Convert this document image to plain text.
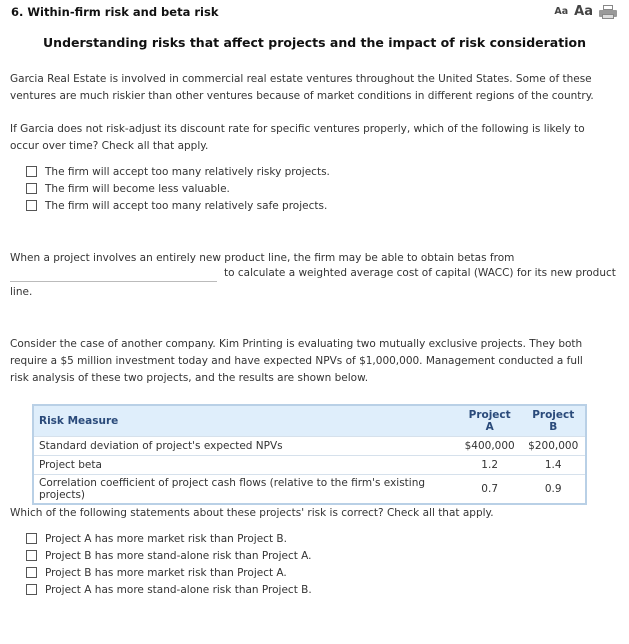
6. Within-firm risk and beta risk	Aa Aa
Understanding risks that affect projects and the impact of risk consideration
Garcia Real Estate is involved in commercial real estate ventures throughout the United States. Some of these ventures are much riskier than other ventures because of market conditions in different regions of the country.
If Garcia does not risk-adjust its discount rate for specific ventures properly, which of the following is likely to occur over time? Check all that apply.
The firm will accept too many relatively risky projects.
The firm will become less valuable.
The firm will accept too many relatively safe projects.
When a project involves an entirely new product line, the firm may be able to obtain betas from
to calculate a weighted average cost of capital (WACC) for its new product
line.
Consider the case of another company. Kim Printing is evaluating two mutually exclusive projects. They both require a $5 million investment today and have expected NPVs of $1,000,000. Management conducted a full risk analysis of these two projects, and the results are shown below.
Risk Measure	Project A	Project B
Standard deviation of project's expected NPVs	$400,000	$200,000
Project beta	1.2	1.4
Correlation coefficient of project cash flows (relative to the firm's existing projects)	0.7	0.9
Which of the following statements about these projects' risk is correct? Check all that apply.
Project A has more market risk than Project B.
Project B has more stand-alone risk than Project A.
Project B has more market risk than Project A.
Project A has more stand-alone risk than Project B.
